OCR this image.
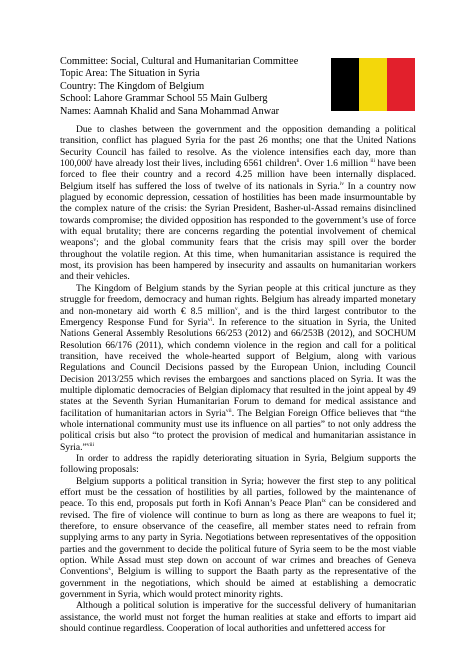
Committee: Social, Cultural and Humanitarian Committee
Topic Area: The Situation in Syria
Country: The Kingdom of Belgium
School: Lahore Grammar School 55 Main Gulberg
Names: Aamnah Khalid and Sana Mohammad Anwar

Due to clashes between the government and the opposition demanding a political transition, conflict has plagued Syria for the past 26 months; one that the United Nations Security Council has failed to resolve. As the violence intensifies each day, more than 100,000$^i$ have already lost their lives, including 6561 children$^{ii}$. Over 1.6 million $^{iii}$ have been forced to flee their country and a record 4.25 million have been internally displaced. Belgium itself has suffered the loss of twelve of its nationals in Syria.$^{iv}$ In a country now plagued by economic depression, cessation of hostilities has been made insurmountable by the complex nature of the crisis: the Syrian President, Basher-ul-Assad remains disinclined towards compromise; the divided opposition has responded to the government’s use of force with equal brutality; there are concerns regarding the potential involvement of chemical weapons$^v$; and the global community fears that the crisis may spill over the border throughout the volatile region. At this time, when humanitarian assistance is required the most, its provision has been hampered by insecurity and assaults on humanitarian workers and their vehicles.

The Kingdom of Belgium stands by the Syrian people at this critical juncture as they struggle for freedom, democracy and human rights. Belgium has already imparted monetary and non-monetary aid worth € 8.5 million$^v$, and is the third largest contributor to the Emergency Response Fund for Syria$^{vi}$. In reference to the situation in Syria, the United Nations General Assembly Resolutions 66/253 (2012) and 66/253B (2012), and SOCHUM Resolution 66/176 (2011), which condemn violence in the region and call for a political transition, have received the whole-hearted support of Belgium, along with various Regulations and Council Decisions passed by the European Union, including Council Decision 2013/255 which revises the embargoes and sanctions placed on Syria. It was the multiple diplomatic democracies of Belgian diplomacy that resulted in the joint appeal by 49 states at the Seventh Syrian Humanitarian Forum to demand for medical assistance and facilitation of humanitarian actors in Syria$^{vii}$. The Belgian Foreign Office believes that “the whole international community must use its influence on all parties” to not only address the political crisis but also “to protect the provision of medical and humanitarian assistance in Syria.”$^{viii}$

In order to address the rapidly deteriorating situation in Syria, Belgium supports the following proposals:

Belgium supports a political transition in Syria; however the first step to any political effort must be the cessation of hostilities by all parties, followed by the maintenance of peace. To this end, proposals put forth in Kofi Annan’s Peace Plan$^{ix}$ can be considered and revised. The fire of violence will continue to burn as long as there are weapons to fuel it; therefore, to ensure observance of the ceasefire, all member states need to refrain from supplying arms to any party in Syria. Negotiations between representatives of the opposition parties and the government to decide the political future of Syria seem to be the most viable option. While Assad must step down on account of war crimes and breaches of Geneva Conventions$^x$, Belgium is willing to support the Baath party as the representative of the government in the negotiations, which should be aimed at establishing a democratic government in Syria, which would protect minority rights.

Although a political solution is imperative for the successful delivery of humanitarian assistance, the world must not forget the human realities at stake and efforts to impart aid should continue regardless. Cooperation of local authorities and unfettered access for
